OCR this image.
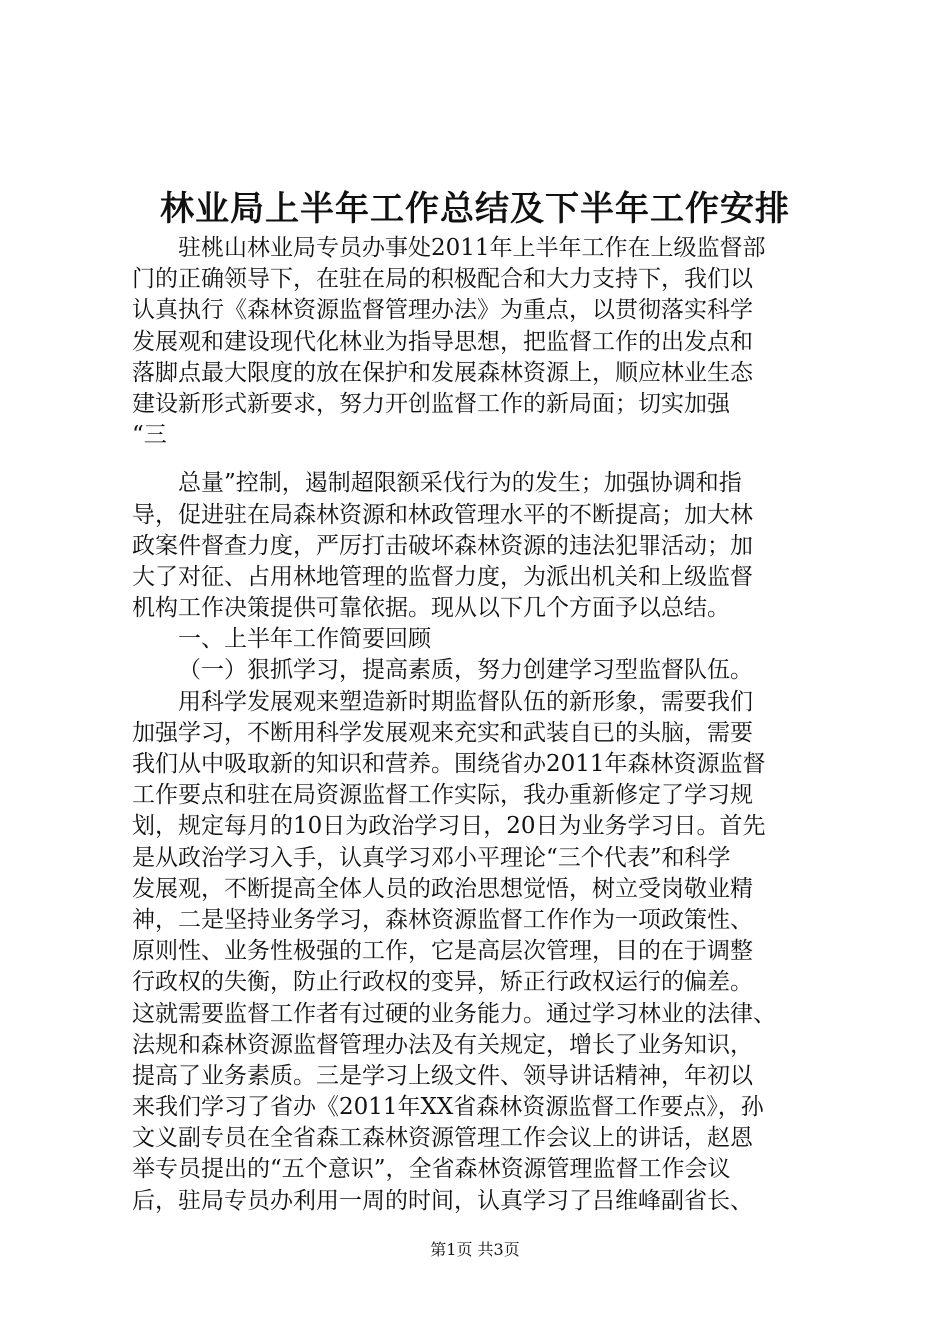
林业局上半年工作总结及下半年工作安排
驻桃山林业局专员办事处2011年上半年工作在上级监督部
门的正确领导下，在驻在局的积极配合和大力支持下，我们以
认真执行《森林资源监督管理办法》为重点，以贯彻落实科学
发展观和建设现代化林业为指导思想，把监督工作的出发点和
落脚点最大限度的放在保护和发展森林资源上，顺应林业生态
建设新形式新要求，努力开创监督工作的新局面；切实加强
“三
总量”控制，遏制超限额采伐行为的发生；加强协调和指
导，促进驻在局森林资源和林政管理水平的不断提高；加大林
政案件督查力度，严厉打击破坏森林资源的违法犯罪活动；加
大了对征、占用林地管理的监督力度，为派出机关和上级监督
机构工作决策提供可靠依据。现从以下几个方面予以总结。
一、上半年工作简要回顾
（一）狠抓学习，提高素质，努力创建学习型监督队伍。
用科学发展观来塑造新时期监督队伍的新形象，需要我们
加强学习，不断用科学发展观来充实和武装自已的头脑，需要
我们从中吸取新的知识和营养。围绕省办2011年森林资源监督
工作要点和驻在局资源监督工作实际，我办重新修定了学习规
划，规定每月的10日为政治学习日，20日为业务学习日。首先
是从政治学习入手，认真学习邓小平理论“三个代表”和科学
发展观，不断提高全体人员的政治思想觉悟，树立受岗敬业精
神，二是坚持业务学习，森林资源监督工作作为一项政策性、
原则性、业务性极强的工作，它是高层次管理，目的在于调整
行政权的失衡，防止行政权的变异，矫正行政权运行的偏差。
这就需要监督工作者有过硬的业务能力。通过学习林业的法律、
法规和森林资源监督管理办法及有关规定，增长了业务知识，
提高了业务素质。三是学习上级文件、领导讲话精神，年初以
来我们学习了省办《2011年XX省森林资源监督工作要点》，孙
文义副专员在全省森工森林资源管理工作会议上的讲话，赵恩
举专员提出的“五个意识”，全省森林资源管理监督工作会议
后，驻局专员办利用一周的时间，认真学习了吕维峰副省长、
第1页 共3页
